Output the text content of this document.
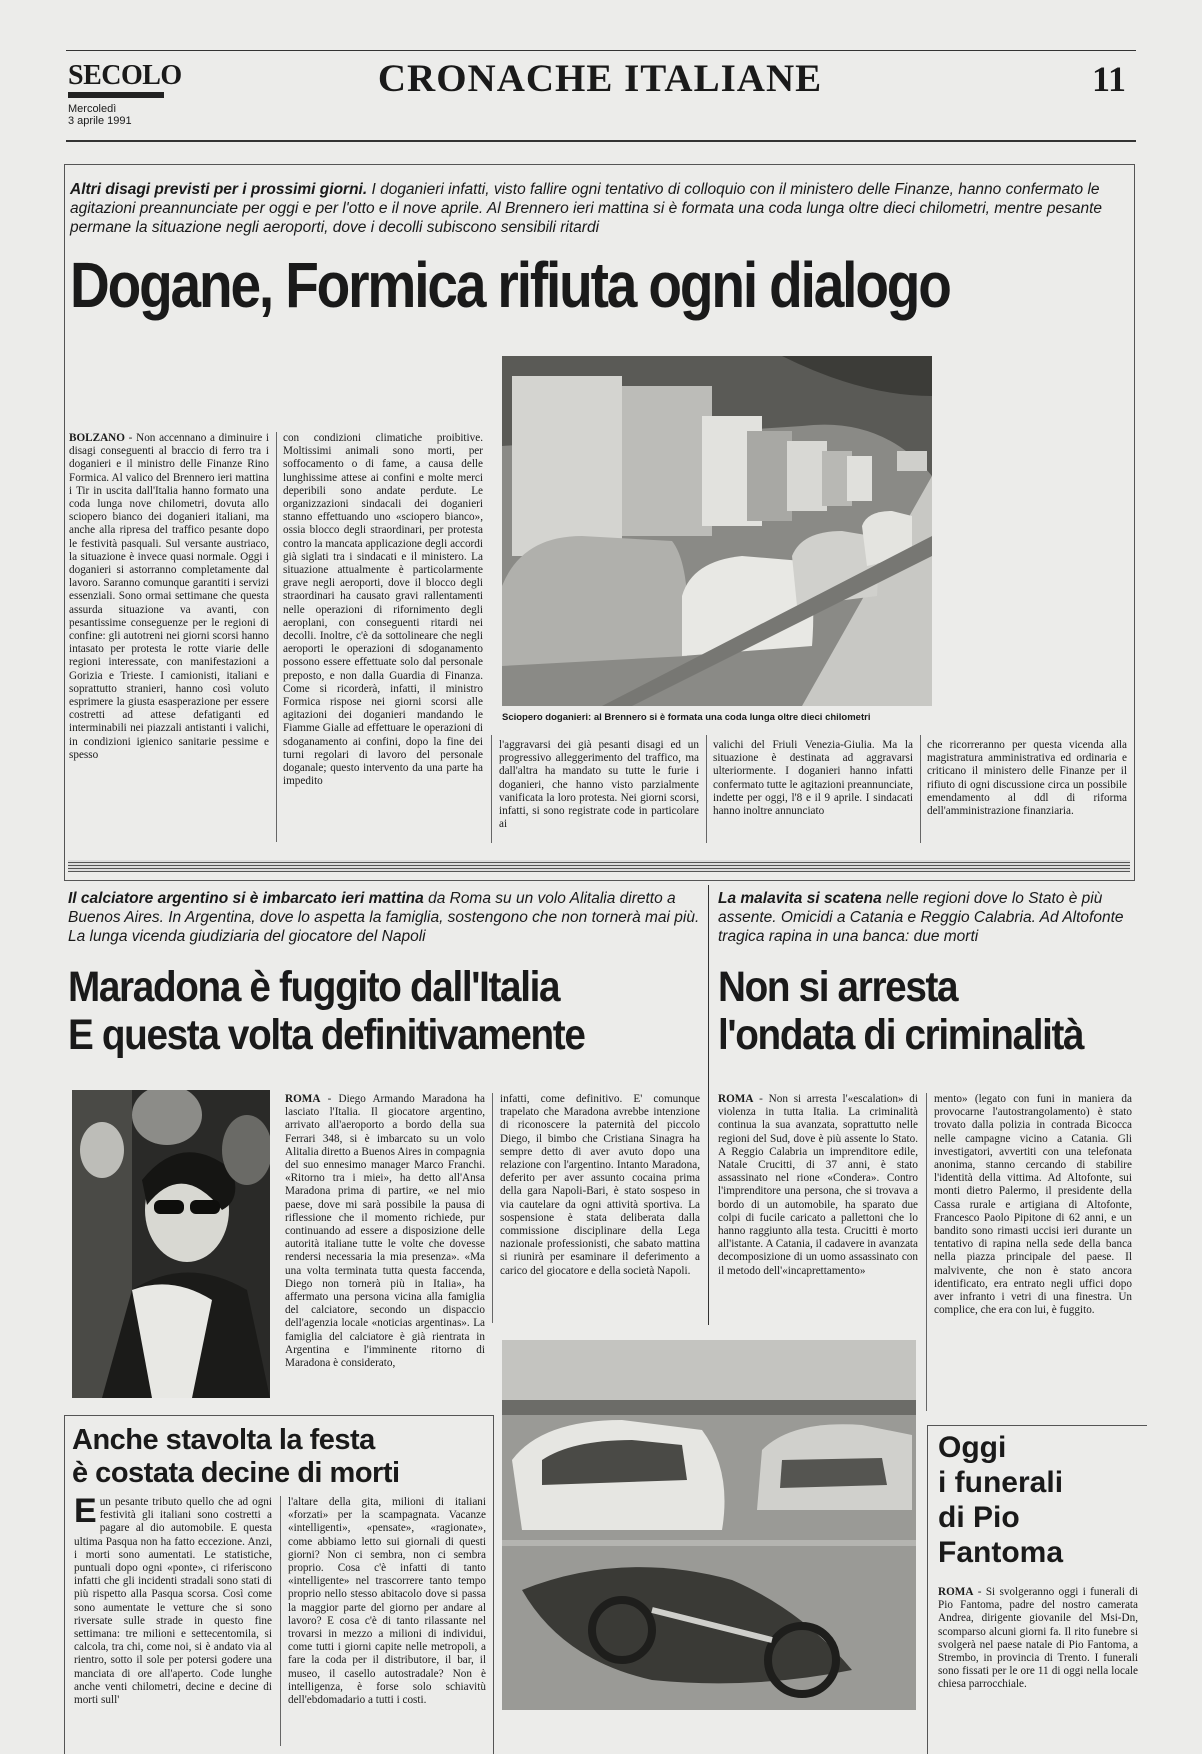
SECOLO
Mercoledì
3 aprile 1991
CRONACHE ITALIANE	11
Altri disagi previsti per i prossimi giorni. I doganieri infatti, visto fallire ogni tentativo di colloquio con il ministero delle Finanze, hanno confermato le agitazioni preannunciate per oggi e per l'otto e il nove aprile. Al Brennero ieri mattina si è formata una coda lunga oltre dieci chilometri, mentre pesante permane la situazione negli aeroporti, dove i decolli subiscono sensibili ritardi
Dogane, Formica rifiuta ogni dialogo
Sciopero doganieri: al Brennero si è formata una coda lunga oltre dieci chilometri

BOLZANO - Non accennano a diminuire i disagi conseguenti al braccio di ferro tra i doganieri e il ministro delle Finanze Rino Formica. Al valico del Brennero ieri mattina i Tir in uscita dall'Italia hanno formato una coda lunga nove chilometri, dovuta allo sciopero bianco dei doganieri italiani, ma anche alla ripresa del traffico pesante dopo le festività pasquali. Sul versante austriaco, la situazione è invece quasi normale. Oggi i doganieri si astorranno completamente dal lavoro. Saranno comunque garantiti i servizi essenziali. Sono ormai settimane che questa assurda situazione va avanti, con pesantissime conseguenze per le regioni di confine: gli autotreni nei giorni scorsi hanno intasato per protesta le rotte viarie delle regioni interessate, con manifestazioni a Gorizia e Trieste. I camionisti, italiani e soprattutto stranieri, hanno così voluto esprimere la giusta esasperazione per essere costretti ad attese defatiganti ed interminabili nei piazzali antistanti i valichi, in condizioni igienico sanitarie pessime e spesso

con condizioni climatiche proibitive. Moltissimi animali sono morti, per soffocamento o di fame, a causa delle lunghissime attese ai confini e molte merci deperibili sono andate perdute. Le organizzazioni sindacali dei doganieri stanno effettuando uno «sciopero bianco», ossia blocco degli straordinari, per protesta contro la mancata applicazione degli accordi già siglati tra i sindacati e il ministero. La situazione attualmente è particolarmente grave negli aeroporti, dove il blocco degli straordinari ha causato gravi rallentamenti nelle operazioni di rifornimento degli aeroplani, con conseguenti ritardi nei decolli. Inoltre, c'è da sottolineare che negli aeroporti le operazioni di sdoganamento possono essere effettuate solo dal personale preposto, e non dalla Guardia di Finanza. Come si ricorderà, infatti, il ministro Formica rispose nei giorni scorsi alle agitazioni dei doganieri mandando le Fiamme Gialle ad effettuare le operazioni di sdoganamento ai confini, dopo la fine dei turni regolari di lavoro del personale doganale; questo intervento da una parte ha impedito

l'aggravarsi dei già pesanti disagi ed un progressivo alleggerimento del traffico, ma dall'altra ha mandato su tutte le furie i doganieri, che hanno visto parzialmente vanificata la loro protesta. Nei giorni scorsi, infatti, si sono registrate code in particolare ai

valichi del Friuli Venezia-Giulia. Ma la situazione è destinata ad aggravarsi ulteriormente. I doganieri hanno infatti confermato tutte le agitazioni preannunciate, indette per oggi, l'8 e il 9 aprile. I sindacati hanno inoltre annunciato

che ricorreranno per questa vicenda alla magistratura amministrativa ed ordinaria e criticano il ministero delle Finanze per il rifiuto di ogni discussione circa un possibile emendamento al ddl di riforma dell'amministrazione finanziaria.

Il calciatore argentino si è imbarcato ieri mattina da Roma su un volo Alitalia diretto a Buenos Aires. In Argentina, dove lo aspetta la famiglia, sostengono che non tornerà mai più. La lunga vicenda giudiziaria del giocatore del Napoli
Maradona è fuggito dall'Italia
E questa volta definitivamente

ROMA - Diego Armando Maradona ha lasciato l'Italia. Il giocatore argentino, arrivato all'aeroporto a bordo della sua Ferrari 348, si è imbarcato su un volo Alitalia diretto a Buenos Aires in compagnia del suo ennesimo manager Marco Franchi. «Ritorno tra i miei», ha detto all'Ansa Maradona prima di partire, «e nel mio paese, dove mi sarà possibile la pausa di riflessione che il momento richiede, pur continuando ad essere a disposizione delle autorità italiane tutte le volte che dovesse rendersi necessaria la mia presenza». «Ma una volta terminata tutta questa faccenda, Diego non tornerà più in Italia», ha affermato una persona vicina alla famiglia del calciatore, secondo un dispaccio dell'agenzia locale «noticias argentinas». La famiglia del calciatore è già rientrata in Argentina e l'imminente ritorno di Maradona è considerato,

infatti, come definitivo. E' comunque trapelato che Maradona avrebbe intenzione di riconoscere la paternità del piccolo Diego, il bimbo che Cristiana Sinagra ha sempre detto di aver avuto dopo una relazione con l'argentino. Intanto Maradona, deferito per aver assunto cocaina prima della gara Napoli-Bari, è stato sospeso in via cautelare da ogni attività sportiva. La sospensione è stata deliberata dalla commissione disciplinare della Lega nazionale professionisti, che sabato mattina si riunirà per esaminare il deferimento a carico del giocatore e della società Napoli.

La malavita si scatena nelle regioni dove lo Stato è più assente. Omicidi a Catania e Reggio Calabria. Ad Altofonte tragica rapina in una banca: due morti
Non si arresta
l'ondata di criminalità

ROMA - Non si arresta l'«escalation» di violenza in tutta Italia. La criminalità continua la sua avanzata, soprattutto nelle regioni del Sud, dove è più assente lo Stato. A Reggio Calabria un imprenditore edile, Natale Crucitti, di 37 anni, è stato assassinato nel rione «Condera». Contro l'imprenditore una persona, che si trovava a bordo di un automobile, ha sparato due colpi di fucile caricato a pallettoni che lo hanno raggiunto alla testa. Crucitti è morto all'istante. A Catania, il cadavere in avanzata decomposizione di un uomo assassinato con il metodo dell'«incaprettamento»

mento» (legato con funi in maniera da provocarne l'autostrangolamento) è stato trovato dalla polizia in contrada Bicocca nelle campagne vicino a Catania. Gli investigatori, avvertiti con una telefonata anonima, stanno cercando di stabilire l'identità della vittima. Ad Altofonte, sui monti dietro Palermo, il presidente della Cassa rurale e artigiana di Altofonte, Francesco Paolo Pipitone di 62 anni, e un bandito sono rimasti uccisi ieri durante un tentativo di rapina nella sede della banca nella piazza principale del paese. Il malvivente, che non è stato ancora identificato, era entrato negli uffici dopo aver infranto i vetri di una finestra. Un complice, che era con lui, è fuggito.

Anche stavolta la festa
è costata decine di morti

Eun pesante tributo quello che ad ogni festività gli italiani sono costretti a pagare al dio automobile. E questa ultima Pasqua non ha fatto eccezione. Anzi, i morti sono aumentati. Le statistiche, puntuali dopo ogni «ponte», ci riferiscono infatti che gli incidenti stradali sono stati di più rispetto alla Pasqua scorsa. Così come sono aumentate le vetture che si sono riversate sulle strade in questo fine settimana: tre milioni e settecentomila, si calcola, tra chi, come noi, si è andato via al rientro, sotto il sole per potersi godere una manciata di ore all'aperto. Code lunghe anche venti chilometri, decine e decine di morti sull'

l'altare della gita, milioni di italiani «forzati» per la scampagnata. Vacanze «intelligenti», «pensate», «ragionate», come abbiamo letto sui giornali di questi giorni? Non ci sembra, non ci sembra proprio. Cosa c'è infatti di tanto «intelligente» nel trascorrere tanto tempo proprio nello stesso abitacolo dove si passa la maggior parte del giorno per andare al lavoro? E cosa c'è di tanto rilassante nel trovarsi in mezzo a milioni di individui, come tutti i giorni capite nelle metropoli, a fare la coda per il distributore, il bar, il museo, il casello autostradale? Non è intelligenza, è forse solo schiavitù dell'ebdomadario a tutti i costi.

Oggi
i funerali
di Pio
Fantoma

ROMA - Si svolgeranno oggi i funerali di Pio Fantoma, padre del nostro camerata Andrea, dirigente giovanile del Msi-Dn, scomparso alcuni giorni fa. Il rito funebre si svolgerà nel paese natale di Pio Fantoma, a Strembo, in provincia di Trento. I funerali sono fissati per le ore 11 di oggi nella locale chiesa parrocchiale.
